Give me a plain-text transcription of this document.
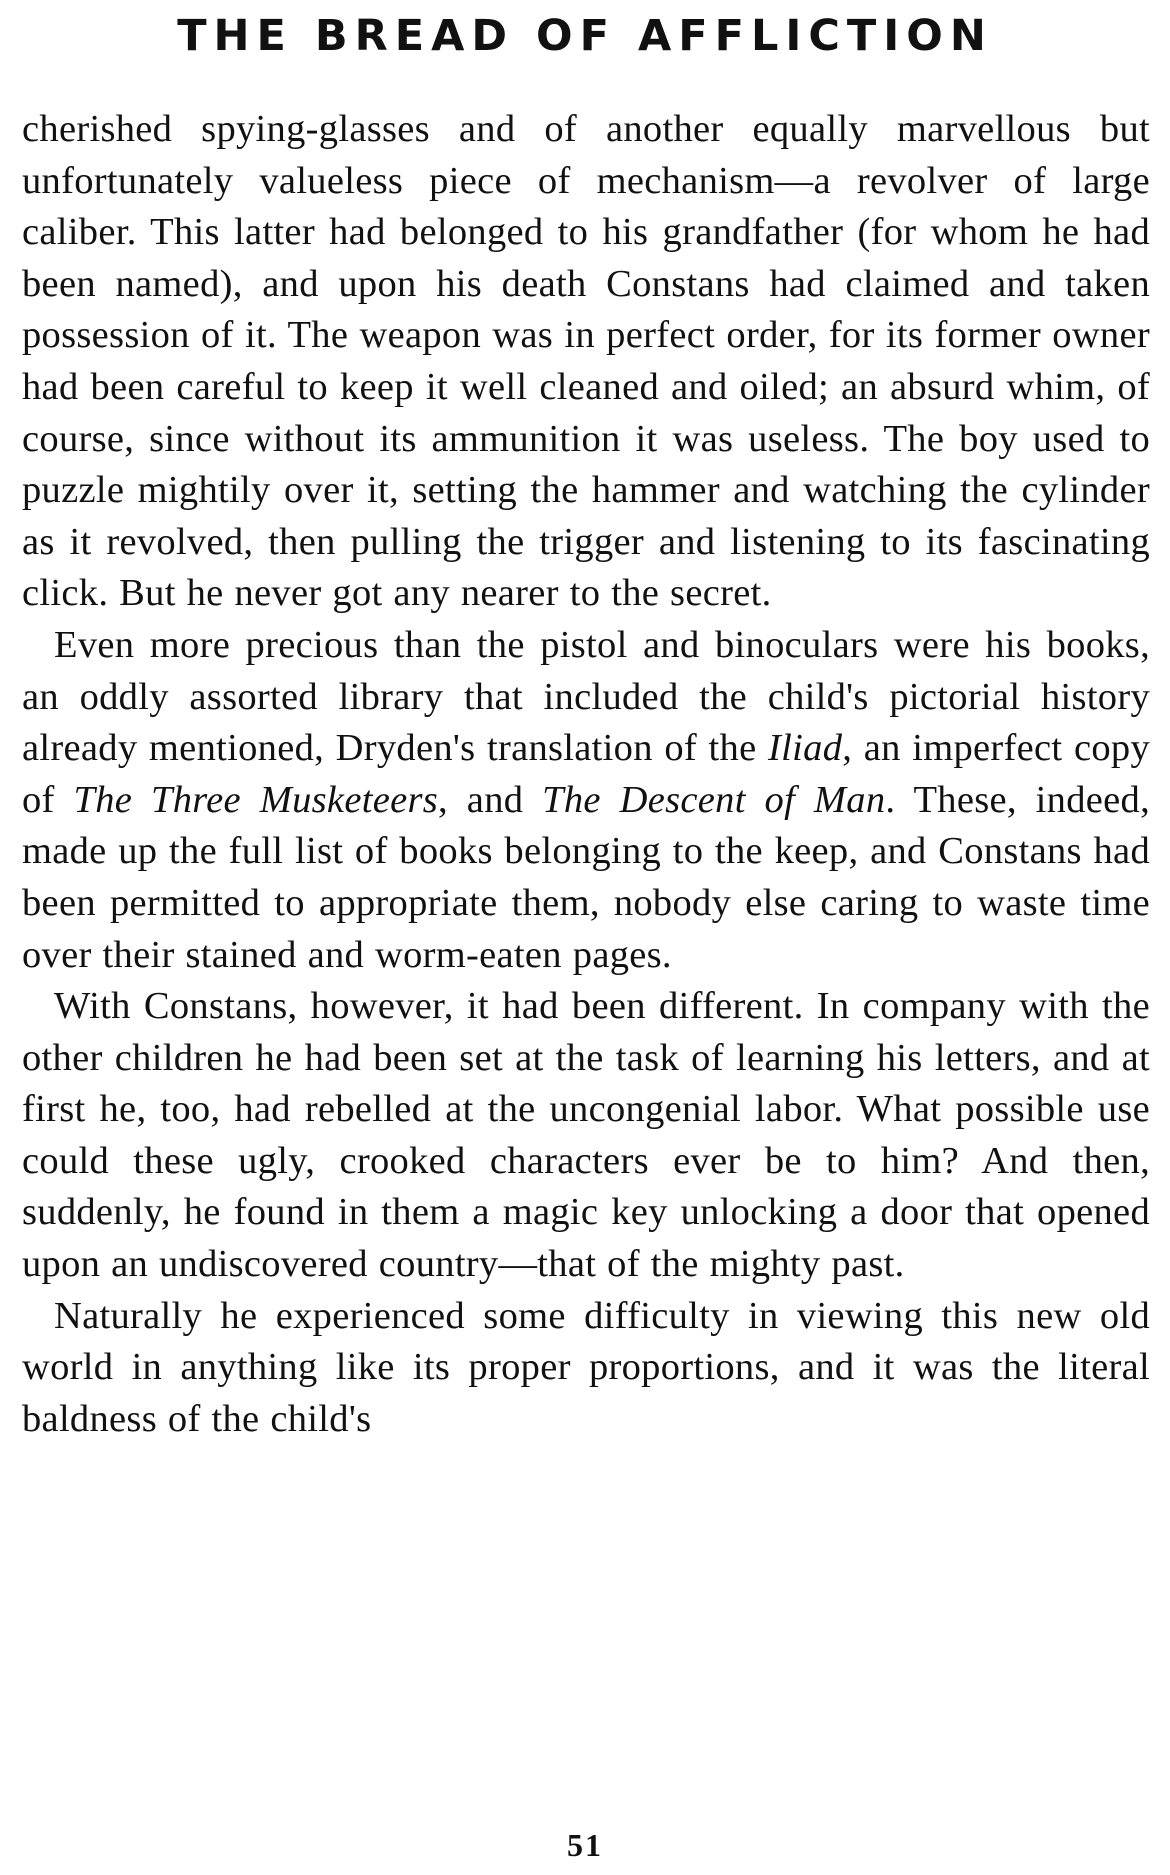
THE BREAD OF AFFLICTION

cherished spying-glasses and of another equally marvellous but unfortunately valueless piece of mechanism—a revolver of large caliber. This latter had belonged to his grandfather (for whom he had been named), and upon his death Constans had claimed and taken possession of it. The weapon was in perfect order, for its former owner had been careful to keep it well cleaned and oiled; an absurd whim, of course, since without its ammunition it was useless. The boy used to puzzle mightily over it, setting the hammer and watching the cylinder as it revolved, then pulling the trigger and listening to its fascinating click. But he never got any nearer to the secret.

Even more precious than the pistol and binoculars were his books, an oddly assorted library that included the child's pictorial history already mentioned, Dryden's translation of the Iliad, an imperfect copy of The Three Musketeers, and The Descent of Man. These, indeed, made up the full list of books belonging to the keep, and Constans had been permitted to appropriate them, nobody else caring to waste time over their stained and worm-eaten pages.

With Constans, however, it had been different. In company with the other children he had been set at the task of learning his letters, and at first he, too, had rebelled at the uncongenial labor. What possible use could these ugly, crooked characters ever be to him? And then, suddenly, he found in them a magic key unlocking a door that opened upon an undiscovered country—that of the mighty past.

Naturally he experienced some difficulty in viewing this new old world in anything like its proper proportions, and it was the literal baldness of the child's

51
